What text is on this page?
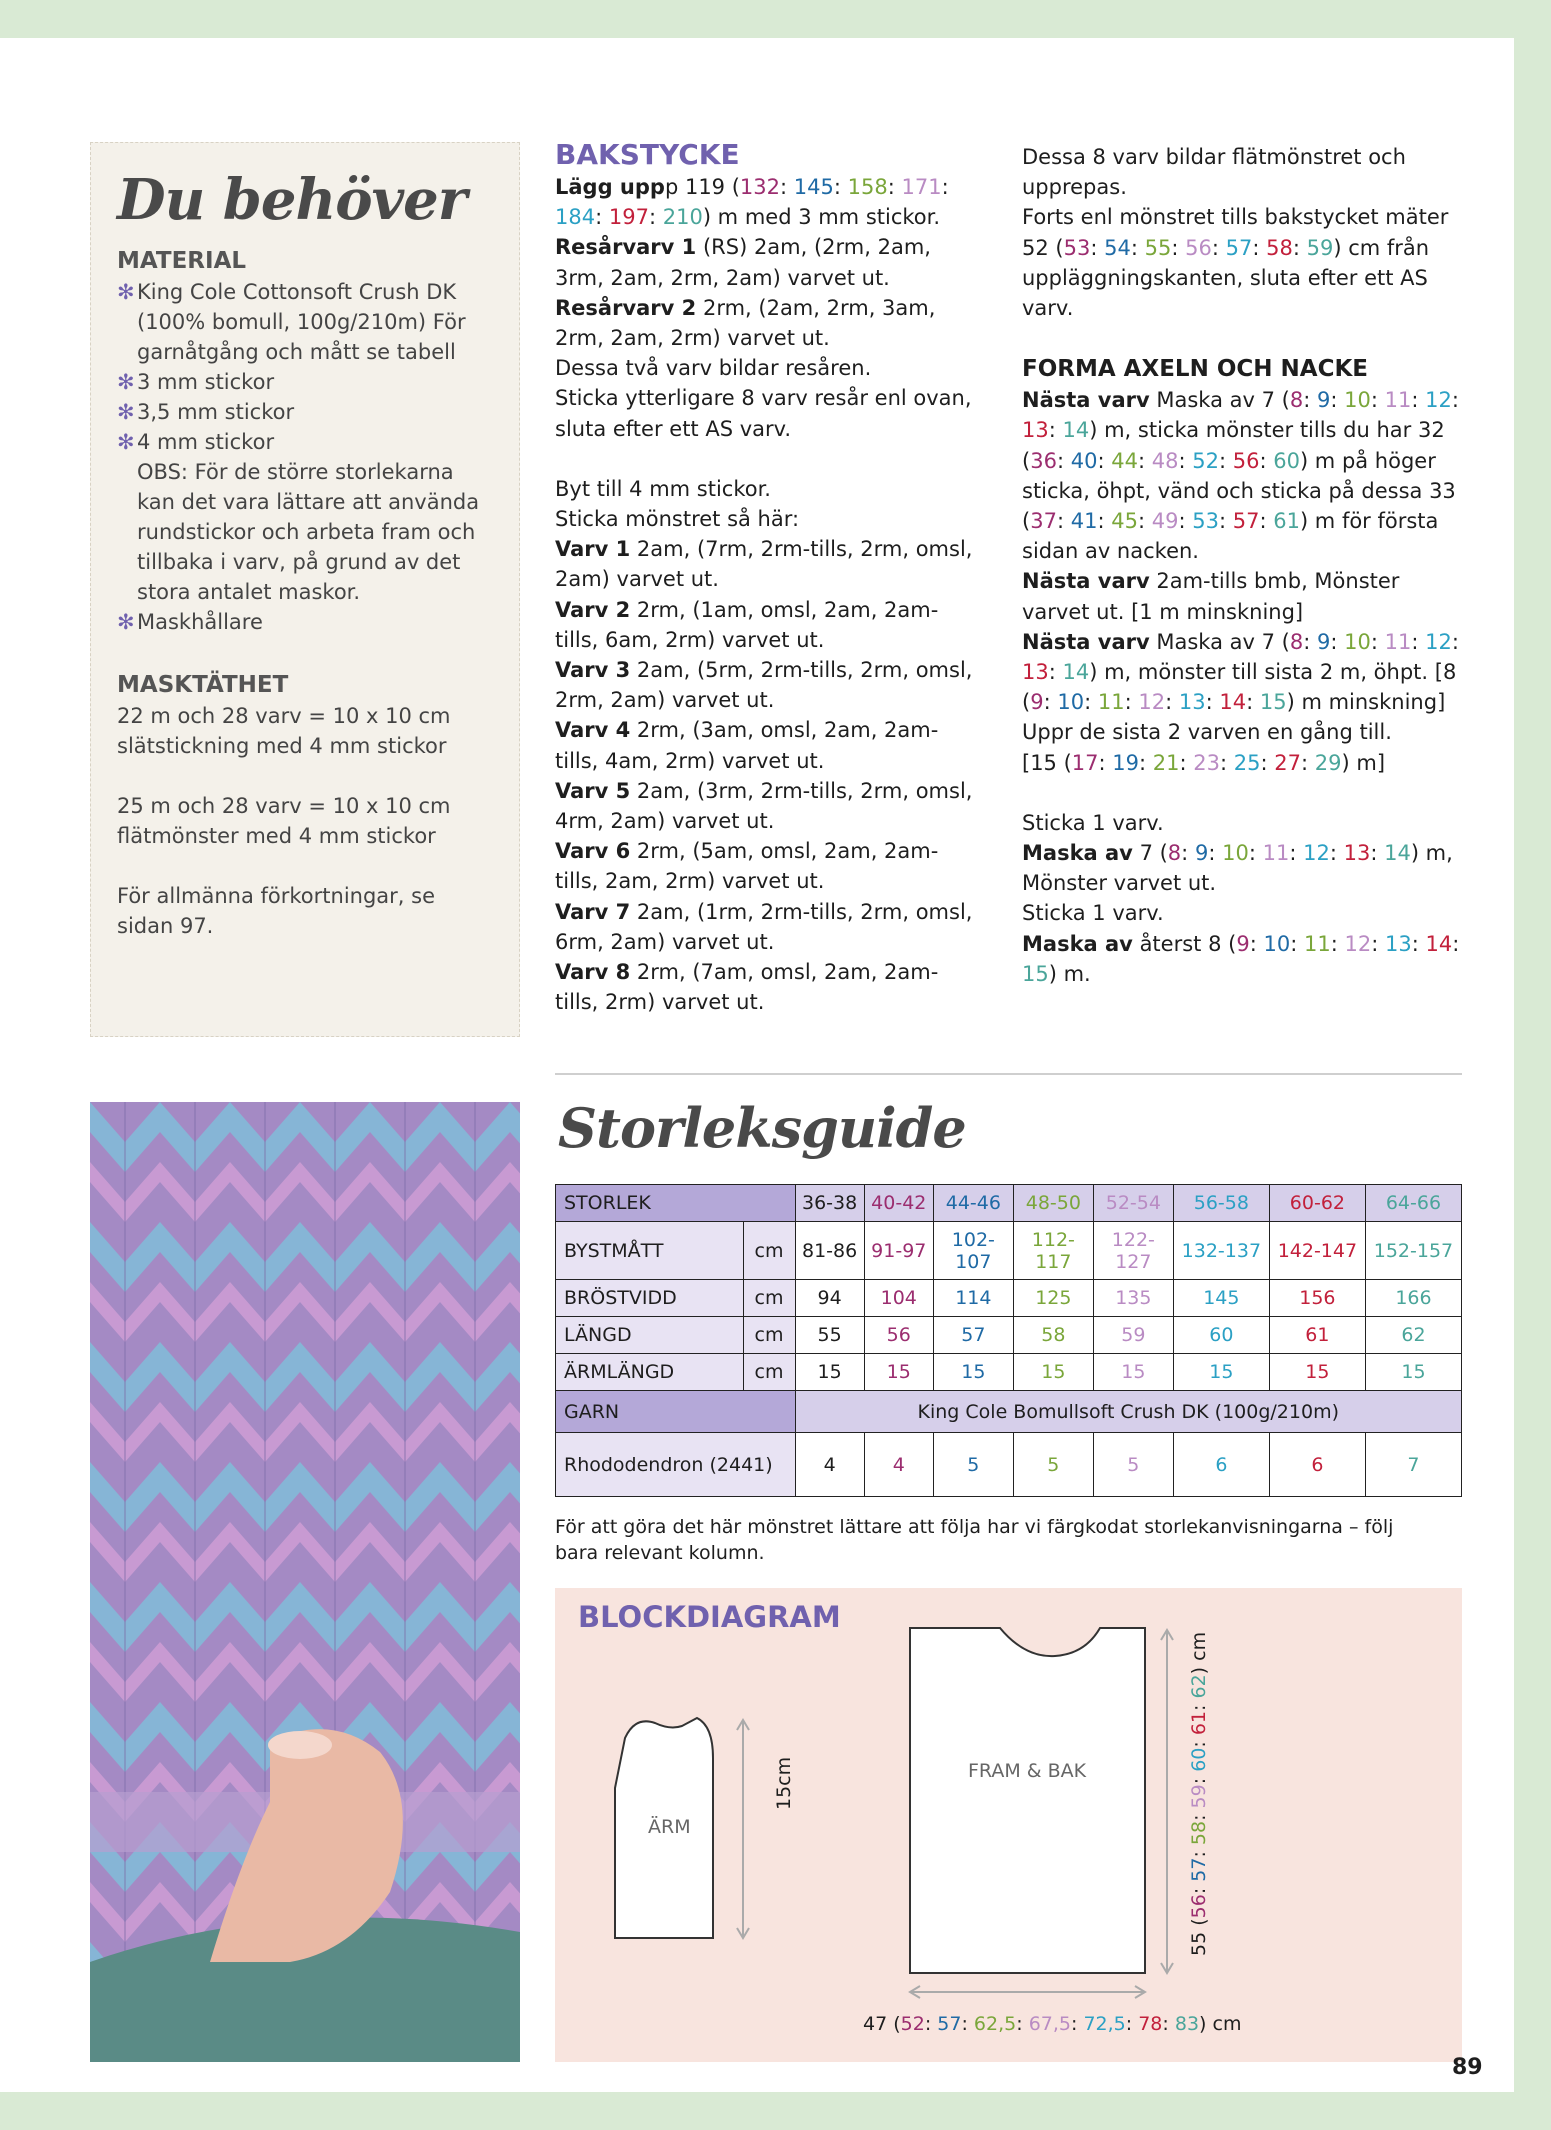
Du behöver
MATERIAL
✻ King Cole Cottonsoft Crush DK (100% bomull, 100g/210m) För garnåtgång och mått se tabell
✻ 3 mm stickor
✻ 3,5 mm stickor
✻ 4 mm stickor
OBS: För de större storlekarna kan det vara lättare att använda rundstickor och arbeta fram och tillbaka i varv, på grund av det stora antalet maskor.
✻ Maskhållare
MASKTÄTHET

22 m och 28 varv = 10 x 10 cm slätstickning med 4 mm stickor

25 m och 28 varv = 10 x 10 cm flätmönster med 4 mm stickor

För allmänna förkortningar, se sidan 97.

BAKSTYCKE

Lägg uppp 119 (132: 145: 158: 171: 184: 197: 210) m med 3 mm stickor.

Resårvarv 1 (RS) 2am, (2rm, 2am, 3rm, 2am, 2rm, 2am) varvet ut.

Resårvarv 2 2rm, (2am, 2rm, 3am, 2rm, 2am, 2rm) varvet ut.

Dessa två varv bildar resåren.

Sticka ytterligare 8 varv resår enl ovan, sluta efter ett AS varv.

Byt till 4 mm stickor.

Sticka mönstret så här:

Varv 1 2am, (7rm, 2rm-tills, 2rm, omsl, 2am) varvet ut.

Varv 2 2rm, (1am, omsl, 2am, 2am-tills, 6am, 2rm) varvet ut.

Varv 3 2am, (5rm, 2rm-tills, 2rm, omsl, 2rm, 2am) varvet ut.

Varv 4 2rm, (3am, omsl, 2am, 2am-tills, 4am, 2rm) varvet ut.

Varv 5 2am, (3rm, 2rm-tills, 2rm, omsl, 4rm, 2am) varvet ut.

Varv 6 2rm, (5am, omsl, 2am, 2am-tills, 2am, 2rm) varvet ut.

Varv 7 2am, (1rm, 2rm-tills, 2rm, omsl, 6rm, 2am) varvet ut.

Varv 8 2rm, (7am, omsl, 2am, 2am-tills, 2rm) varvet ut.

Dessa 8 varv bildar flätmönstret och upprepas.

Forts enl mönstret tills bakstycket mäter 52 (53: 54: 55: 56: 57: 58: 59) cm från uppläggningskanten, sluta efter ett AS varv.

FORMA AXELN OCH NACKE

Nästa varv Maska av 7 (8: 9: 10: 11: 12: 13: 14) m, sticka mönster tills du har 32 (36: 40: 44: 48: 52: 56: 60) m på höger sticka, öhpt, vänd och sticka på dessa 33 (37: 41: 45: 49: 53: 57: 61) m för första sidan av nacken.

Nästa varv 2am-tills bmb, Mönster varvet ut. [1 m minskning]

Nästa varv Maska av 7 (8: 9: 10: 11: 12: 13: 14) m, mönster till sista 2 m, öhpt. [8 (9: 10: 11: 12: 13: 14: 15) m minskning]

Uppr de sista 2 varven en gång till.

[15 (17: 19: 21: 23: 25: 27: 29) m]

Sticka 1 varv.

Maska av 7 (8: 9: 10: 11: 12: 13: 14) m, Mönster varvet ut.

Sticka 1 varv.

Maska av återst 8 (9: 10: 11: 12: 13: 14: 15) m.

Storleksguide
STORLEK		36-38	40-42	44-46	48-50	52-54	56-58	60-62	64-66
BYSTMÅTT	cm	81-86	91-97	102-107	112-117	122-127	132-137	142-147	152-157
BRÖSTVIDD	cm	94	104	114	125	135	145	156	166
LÄNGD	cm	55	56	57	58	59	60	61	62
ÄRMLÄNGD	cm	15	15	15	15	15	15	15	15
GARN		King Cole Bomullsoft Crush DK (100g/210m)							
Rhododendron (2441)		4	4	5	5	5	6	6	7
För att göra det här mönstret lättare att följa har vi färgkodat storlekanvisningarna – följ bara relevant kolumn.
BLOCKDIAGRAM
ÄRM
15cm	FRAM & BAK
55 (56: 57: 58: 59: 60: 61: 62) cm
47 (52: 57: 62,5: 67,5: 72,5: 78: 83) cm
89
